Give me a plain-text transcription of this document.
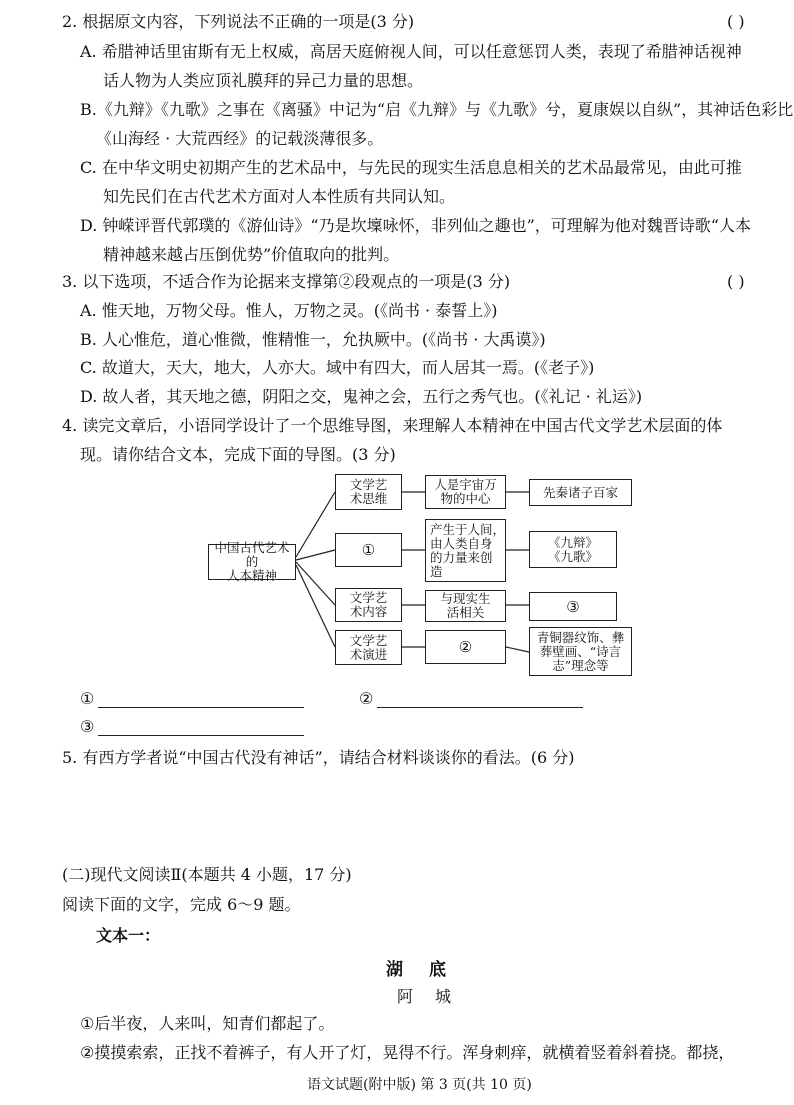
2. 根据原文内容，下列说法不正确的一项是(3 分)	( )
A. 希腊神话里宙斯有无上权威，高居天庭俯视人间，可以任意惩罚人类，表现了希腊神话视神
话人物为人类应顶礼膜拜的异己力量的思想。
B.《九辩》《九歌》之事在《离骚》中记为“启《九辩》与《九歌》兮，夏康娱以自纵”，其神话色彩比
《山海经 · 大荒西经》的记载淡薄很多。
C. 在中华文明史初期产生的艺术品中，与先民的现实生活息息相关的艺术品最常见，由此可推
知先民们在古代艺术方面对人本性质有共同认知。
D. 钟嵘评晋代郭璞的《游仙诗》“乃是坎壈咏怀，非列仙之趣也”，可理解为他对魏晋诗歌“人本
精神越来越占压倒优势”价值取向的批判。
3. 以下选项，不适合作为论据来支撑第②段观点的一项是(3 分)	( )
A. 惟天地，万物父母。惟人，万物之灵。(《尚书 · 泰誓上》)
B. 人心惟危，道心惟微，惟精惟一，允执厥中。(《尚书 · 大禹谟》)
C. 故道大，天大，地大，人亦大。域中有四大，而人居其一焉。(《老子》)
D. 故人者，其天地之德，阴阳之交，鬼神之会，五行之秀气也。(《礼记 · 礼运》)
4. 读完文章后，小语同学设计了一个思维导图，来理解人本精神在中国古代文学艺术层面的体
现。请你结合文本，完成下面的导图。(3 分)
中国古代艺术的
人本精神
文学艺
术思维
①
文学艺
术内容
文学艺
术演进
人是宇宙万
物的中心
产生于人间，
由人类自身
的力量来创
造
与现实生
活相关
②
先秦诸子百家
《九辩》
《九歌》
③
青铜器纹饰、彝
葬壁画、“诗言
志”理念等
①	②
③
5. 有西方学者说“中国古代没有神话”，请结合材料谈谈你的看法。(6 分)
(二)现代文阅读Ⅱ(本题共 4 小题，17 分)
阅读下面的文字，完成 6～9 题。
文本一：
湖底
阿城
①后半夜，人来叫，知青们都起了。
②摸摸索索，正找不着裤子，有人开了灯，晃得不行。浑身刺痒，就横着竖着斜着挠。都挠，
语文试题(附中版) 第 3 页(共 10 页)
